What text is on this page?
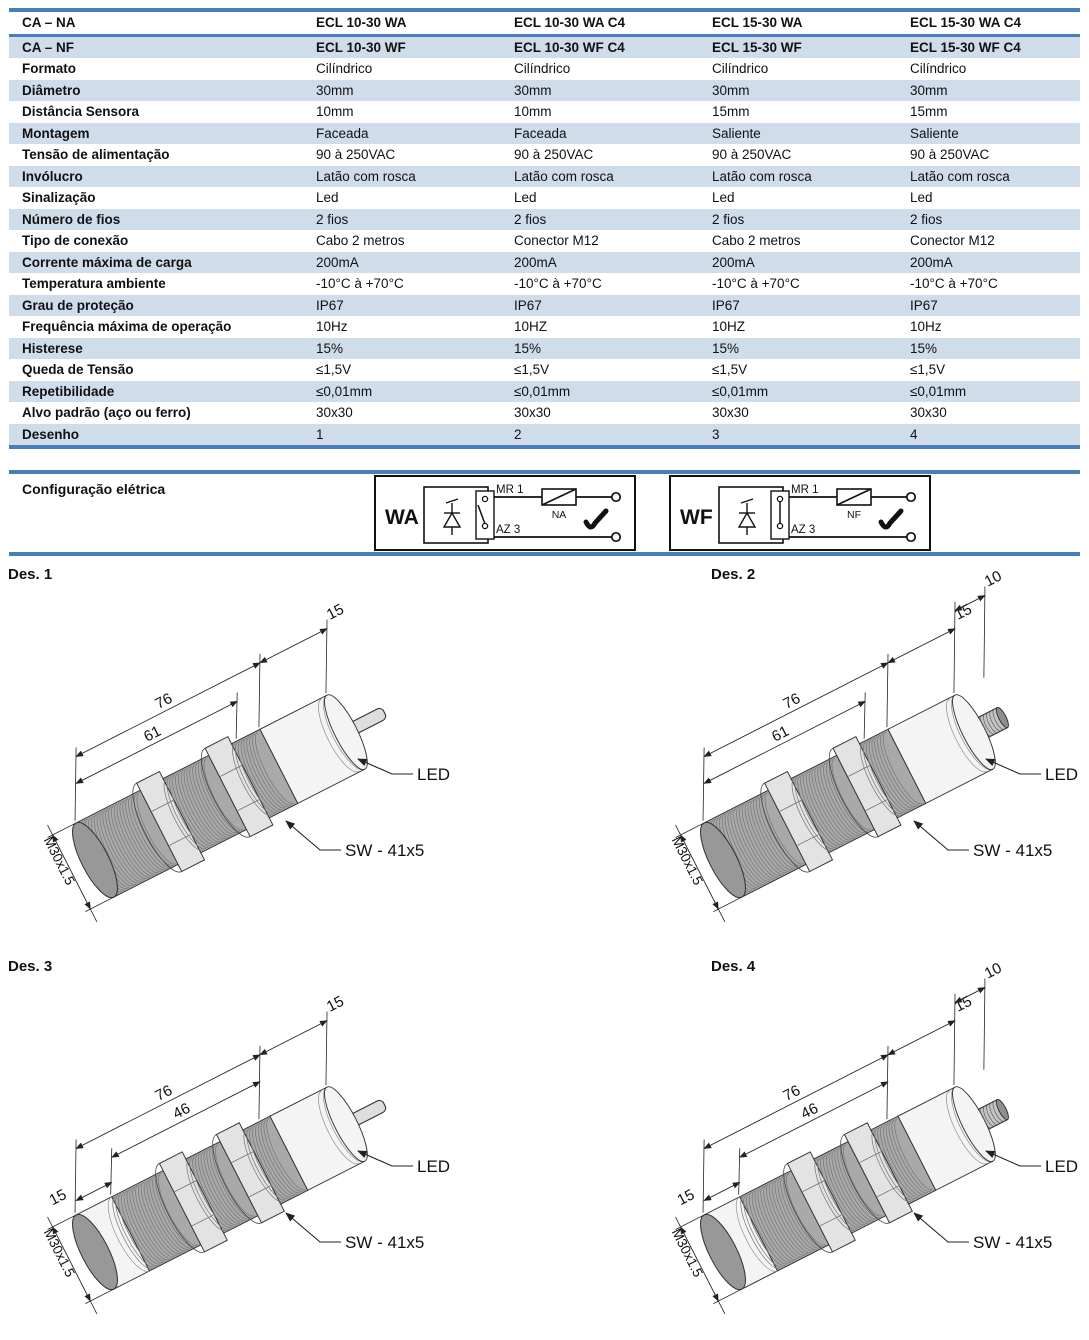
CA – NA	ECL 10-30 WA	ECL 10-30 WA C4	ECL 15-30 WA	ECL 15-30 WA C4
CA – NF	ECL 10-30 WF	ECL 10-30 WF C4	ECL 15-30 WF	ECL 15-30 WF C4
Formato	Cilíndrico	Cilíndrico	Cilíndrico	Cilíndrico
Diâmetro	30mm	30mm	30mm	30mm
Distância Sensora	10mm	10mm	15mm	15mm
Montagem	Faceada	Faceada	Saliente	Saliente
Tensão de alimentação	90 à 250VAC	90 à 250VAC	90 à 250VAC	90 à 250VAC
Invólucro	Latão com rosca	Latão com rosca	Latão com rosca	Latão com rosca
Sinalização	Led	Led	Led	Led
Número de fios	2 fios	2 fios	2 fios	2 fios
Tipo de conexão	Cabo 2 metros	Conector M12	Cabo 2 metros	Conector M12
Corrente máxima de carga	200mA	200mA	200mA	200mA
Temperatura ambiente	-10°C à +70°C	-10°C à +70°C	-10°C à +70°C	-10°C à +70°C
Grau de proteção	IP67	IP67	IP67	IP67
Frequência máxima de operação	10Hz	10HZ	10HZ	10Hz
Histerese	15%	15%	15%	15%
Queda de Tensão	≤1,5V	≤1,5V	≤1,5V	≤1,5V
Repetibilidade	≤0,01mm	≤0,01mm	≤0,01mm	≤0,01mm
Alvo padrão (aço ou ferro)	30x30	30x30	30x30	30x30
Desenho	1	2	3	4
Configuração elétrica
WA
MR 1
NA
AZ 3
WF
MR 1
NF
AZ 3
Des. 1
61
76
15
M30x1.5
LED
SW - 41x5
Des. 2
61
76
15
10
M30x1.5
LED
SW - 41x5
Des. 3
15
46
76
15
M30x1.5
LED
SW - 41x5
Des. 4
15
46
76
15
10
M30x1.5
LED
SW - 41x5
